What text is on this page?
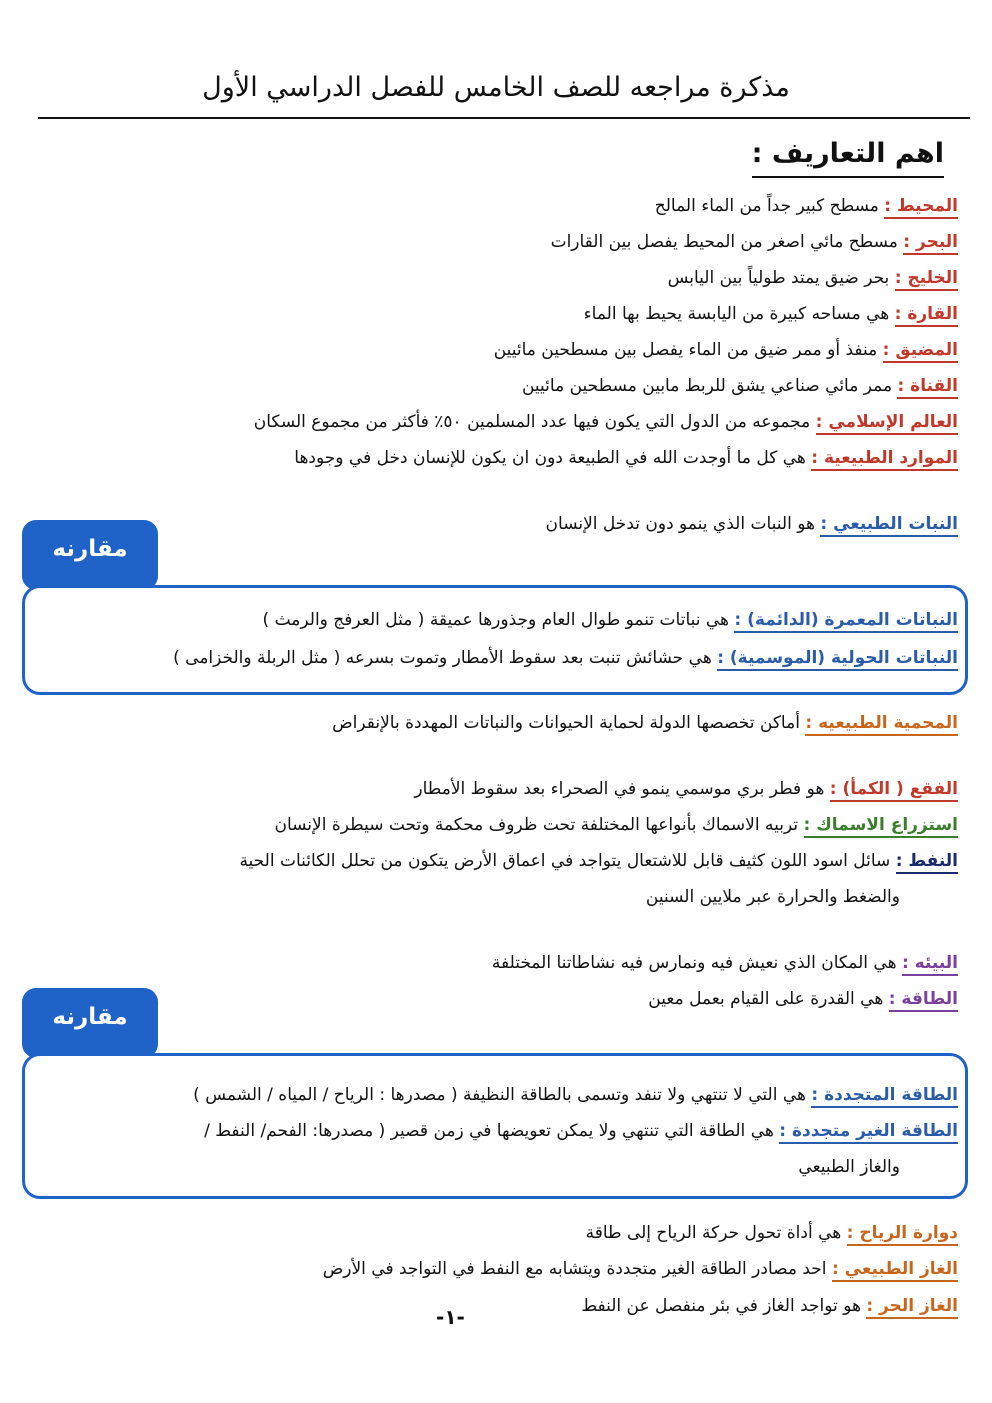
مذكرة مراجعه للصف الخامس للفصل الدراسي الأول
اهم التعاريف :
المحيط : مسطح كبير جداً من الماء المالح
البحر : مسطح مائي اصغر من المحيط يفصل بين القارات
الخليج : بحر ضيق يمتد طولياً بين اليابس
القارة : هي مساحه كبيرة من اليابسة يحيط بها الماء
المضيق : منفذ أو ممر ضيق من الماء يفصل بين مسطحين مائيين
القناة : ممر مائي صناعي يشق للربط مابين مسطحين مائيين
العالم الإسلامي : مجموعه من الدول التي يكون فيها عدد المسلمين ٥٠٪ فأكثر من مجموع السكان
الموارد الطبيعية : هي كل ما أوجدت الله في الطبيعة دون ان يكون للإنسان دخل في وجودها
النبات الطبيعي : هو النبات الذي ينمو دون تدخل الإنسان
مقارنه
النباتات المعمرة (الدائمة) : هي نباتات تنمو طوال العام وجذورها عميقة ( مثل العرفج والرمث )
النباتات الحولية (الموسمية) : هي حشائش تنبت بعد سقوط الأمطار وتموت بسرعه ( مثل الربلة والخزامى )
المحمية الطبيعيه : أماكن تخصصها الدولة لحماية الحيوانات والنباتات المهددة بالإنقراض
الفقع ( الكمأ) : هو فطر بري موسمي ينمو في الصحراء بعد سقوط الأمطار
استزراع الاسماك : تربيه الاسماك بأنواعها المختلفة تحت ظروف محكمة وتحت سيطرة الإنسان
النفط : سائل اسود اللون كثيف قابل للاشتعال يتواجد في اعماق الأرض يتكون من تحلل الكائنات الحية
والضغط والحرارة عبر ملايين السنين
البيئه : هي المكان الذي نعيش فيه ونمارس فيه نشاطاتنا المختلفة
الطاقة : هي القدرة على القيام بعمل معين
مقارنه
الطاقة المتجددة : هي التي لا تنتهي ولا تنفد وتسمى بالطاقة النظيفة ( مصدرها : الرياح / المياه / الشمس )
الطاقة الغير متجددة : هي الطاقة التي تنتهي ولا يمكن تعويضها في زمن قصير ( مصدرها: الفحم/ النفط /
والغاز الطبيعي
دوارة الرياح : هي أداة تحول حركة الرياح إلى طاقة
الغاز الطبيعي : احد مصادر الطاقة الغير متجددة ويتشابه مع النفط في التواجد في الأرض
الغاز الحر : هو تواجد الغاز في بئر منفصل عن النفط
-١-
